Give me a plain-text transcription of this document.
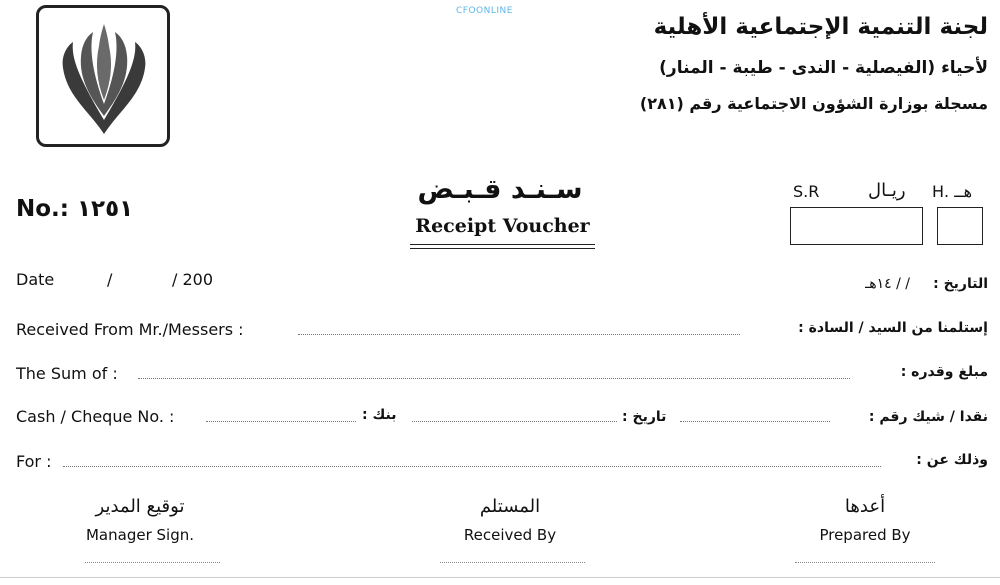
CFOONLINE
لجنة التنمية الإجتماعية الأهلية
لأحياء (الفيصلية - الندى - طيبة - المنار)
مسجلة بوزارة الشؤون الاجتماعية رقم (٢٨١)
No.: ١٢٥١
سـنـد قـبـض
Receipt Voucher
S.R	ريـال هــ .H
Date	/	/ 200	التاريخ :
/ / ١٤هـ
Received From Mr./Messers :	إستلمنا من السيد / السادة :
The Sum of :	مبلغ وقدره :
Cash / Cheque No. :	بنك :	تاريخ :	نقدا / شيك رقم :
For :	وذلك عن :
توقيع المدير
Manager Sign.
المستلم
Received By
أعدها
Prepared By
